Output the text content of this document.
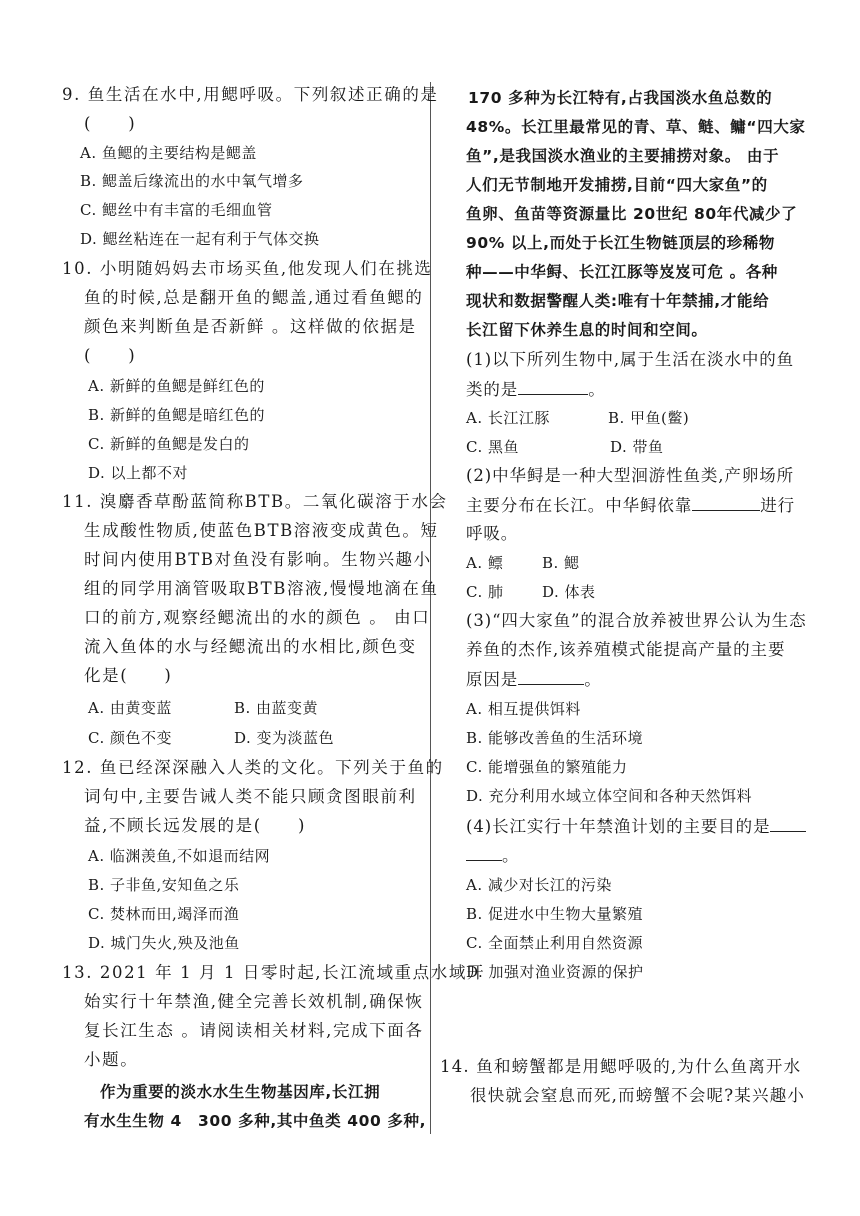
9. 鱼生活在水中,用鳃呼吸。下列叙述正确的是
(　　)
A. 鱼鳃的主要结构是鳃盖
B. 鳃盖后缘流出的水中氧气增多
C. 鳃丝中有丰富的毛细血管
D. 鳃丝粘连在一起有利于气体交换
10. 小明随妈妈去市场买鱼,他发现人们在挑选
鱼的时候,总是翻开鱼的鳃盖,通过看鱼鳃的
颜色来判断鱼是否新鲜 。这样做的依据是
(　　)
A. 新鲜的鱼鳃是鲜红色的
B. 新鲜的鱼鳃是暗红色的
C. 新鲜的鱼鳃是发白的
D. 以上都不对
11. 溴麝香草酚蓝简称BTB。二氧化碳溶于水会
生成酸性物质,使蓝色BTB溶液变成黄色。短
时间内使用BTB对鱼没有影响。生物兴趣小
组的同学用滴管吸取BTB溶液,慢慢地滴在鱼
口的前方,观察经鳃流出的水的颜色 。 由口
流入鱼体的水与经鳃流出的水相比,颜色变
化是(　　)
A. 由黄变蓝	B. 由蓝变黄
C. 颜色不变	D. 变为淡蓝色
12. 鱼已经深深融入人类的文化。下列关于鱼的
词句中,主要告诫人类不能只顾贪图眼前利
益,不顾长远发展的是(　　)
A. 临渊羡鱼,不如退而结网
B. 子非鱼,安知鱼之乐
C. 焚林而田,竭泽而渔
D. 城门失火,殃及池鱼
13. 2021 年 1 月 1 日零时起,长江流域重点水域开
始实行十年禁渔,健全完善长效机制,确保恢
复长江生态 。请阅读相关材料,完成下面各
小题。
作为重要的淡水水生生物基因库,长江拥
有水生生物 4　300 多种,其中鱼类 400 多种,
170 多种为长江特有,占我国淡水鱼总数的
48%。长江里最常见的青、草、鲢、鳙“四大家
鱼”,是我国淡水渔业的主要捕捞对象。 由于
人们无节制地开发捕捞,目前“四大家鱼”的
鱼卵、鱼苗等资源量比 20世纪 80年代减少了
90% 以上,而处于长江生物链顶层的珍稀物
种——中华鲟、长江江豚等岌岌可危 。各种
现状和数据警醒人类:唯有十年禁捕,才能给
长江留下休养生息的时间和空间。
(1)以下所列生物中,属于生活在淡水中的鱼
类的是	。
A. 长江江豚	B. 甲鱼(鳖)
C. 黑鱼	D. 带鱼
(2)中华鲟是一种大型洄游性鱼类,产卵场所
主要分布在长江。中华鲟依靠	进行
呼吸。
A. 鳔	B. 鳃
C. 肺	D. 体表
(3)“四大家鱼”的混合放养被世界公认为生态
养鱼的杰作,该养殖模式能提高产量的主要
原因是	。
A. 相互提供饵料
B. 能够改善鱼的生活环境
C. 能增强鱼的繁殖能力
D. 充分利用水域立体空间和各种天然饵料
(4)长江实行十年禁渔计划的主要目的是
。
A. 减少对长江的污染
B. 促进水中生物大量繁殖
C. 全面禁止利用自然资源
D. 加强对渔业资源的保护
14. 鱼和螃蟹都是用鳃呼吸的,为什么鱼离开水
很快就会窒息而死,而螃蟹不会呢?某兴趣小
